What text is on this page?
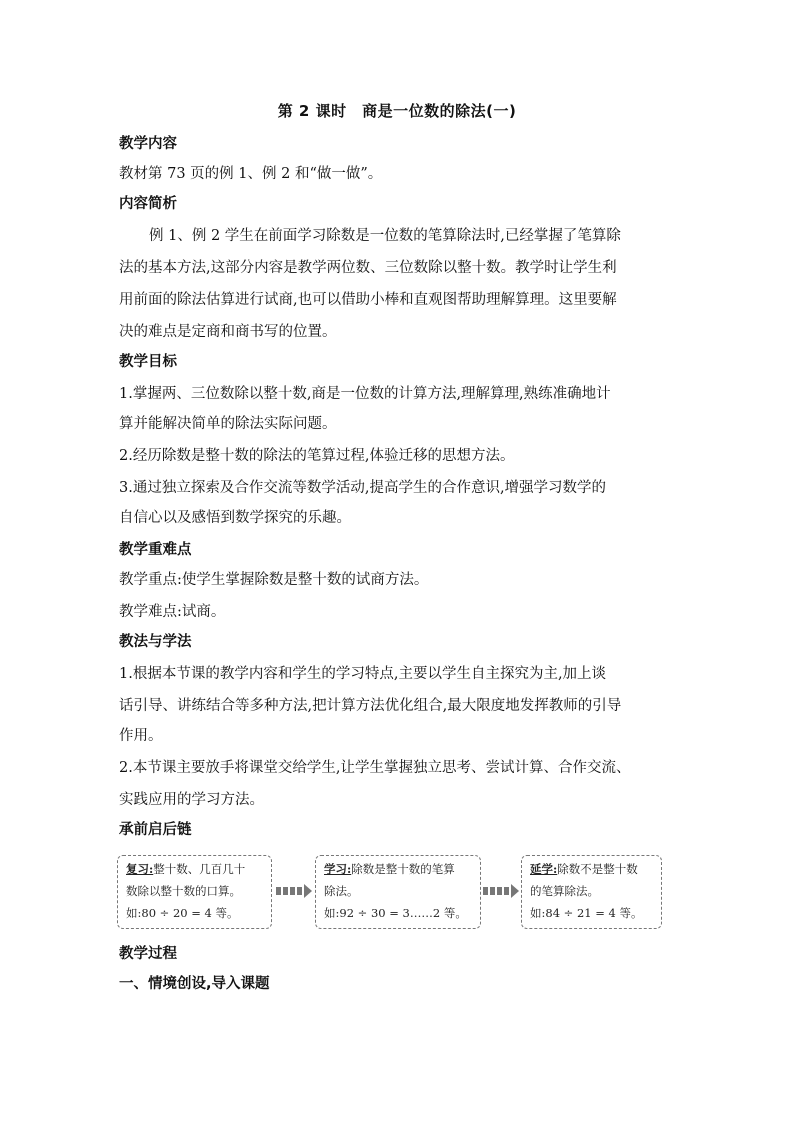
第 2 课时　商是一位数的除法(一)
教学内容
教材第 73 页的例 1、例 2 和“做一做”。
内容简析
例 1、例 2 学生在前面学习除数是一位数的笔算除法时,已经掌握了笔算除
法的基本方法,这部分内容是教学两位数、三位数除以整十数。教学时让学生利
用前面的除法估算进行试商,也可以借助小棒和直观图帮助理解算理。这里要解
决的难点是定商和商书写的位置。
教学目标
1.掌握两、三位数除以整十数,商是一位数的计算方法,理解算理,熟练准确地计
算并能解决简单的除法实际问题。
2.经历除数是整十数的除法的笔算过程,体验迁移的思想方法。
3.通过独立探索及合作交流等数学活动,提高学生的合作意识,增强学习数学的
自信心以及感悟到数学探究的乐趣。
教学重难点
教学重点:使学生掌握除数是整十数的试商方法。
教学难点:试商。
教法与学法
1.根据本节课的教学内容和学生的学习特点,主要以学生自主探究为主,加上谈
话引导、讲练结合等多种方法,把计算方法优化组合,最大限度地发挥教师的引导
作用。
2.本节课主要放手将课堂交给学生,让学生掌握独立思考、尝试计算、合作交流、
实践应用的学习方法。
承前启后链
复习:整十数、几百几十
数除以整十数的口算。
如:80 ÷ 20 = 4 等。
学习:除数是整十数的笔算
除法。
如:92 ÷ 30 = 3……2 等。
延学:除数不是整十数
的笔算除法。
如:84 ÷ 21 = 4 等。
教学过程
一、情境创设,导入课题
